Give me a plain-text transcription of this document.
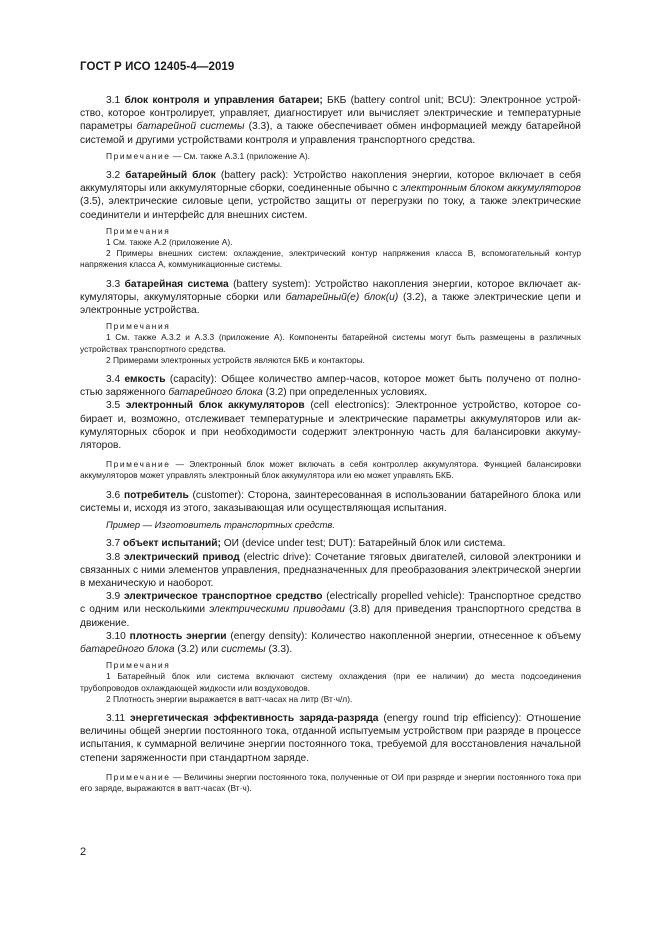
ГОСТ Р ИСО 12405-4—2019

3.1 блок контроля и управления батареи; БКБ (battery control unit; BCU): Электронное устройство, которое контролирует, управляет, диагностирует или вычисляет электрические и температурные параметры батарейной системы (3.3), а также обеспечивает обмен информацией между батарейной системой и другими устройствами контроля и управления транспортного средства.

Примечание — См. также А.3.1 (приложение А).

3.2 батарейный блок (battery pack): Устройство накопления энергии, которое включает в себя аккумуляторы или аккумуляторные сборки, соединенные обычно с электронным блоком аккумуляторов (3.5), электрические силовые цепи, устройство защиты от перегрузки по току, а также электрические соединители и интерфейс для внешних систем.

Примечания

1 См. также А.2 (приложение А).

2 Примеры внешних систем: охлаждение, электрический контур напряжения класса В, вспомогательный контур напряжения класса А, коммуникационные системы.

3.3 батарейная система (battery system): Устройство накопления энергии, которое включает аккумуляторы, аккумуляторные сборки или батарейный(е) блок(и) (3.2), а также электрические цепи и электронные устройства.

Примечания

1 См. также А.3.2 и А.3.3 (приложение А). Компоненты батарейной системы могут быть размещены в различных устройствах транспортного средства.

2 Примерами электронных устройств являются БКБ и контакторы.

3.4 емкость (capacity): Общее количество ампер-часов, которое может быть получено от полностью заряженного батарейного блока (3.2) при определенных условиях.

3.5 электронный блок аккумуляторов (cell electronics): Электронное устройство, которое собирает и, возможно, отслеживает температурные и электрические параметры аккумуляторов или аккумуляторных сборок и при необходимости содержит электронную часть для балансировки аккумуляторов.

Примечание — Электронный блок может включать в себя контроллер аккумулятора. Функцией балансировки аккумуляторов может управлять электронный блок аккумулятора или ею может управлять БКБ.

3.6 потребитель (customer): Сторона, заинтересованная в использовании батарейного блока или системы и, исходя из этого, заказывающая или осуществляющая испытания.

Пример — Изготовитель транспортных средств.

3.7 объект испытаний; ОИ (device under test; DUT): Батарейный блок или система.

3.8 электрический привод (electric drive): Сочетание тяговых двигателей, силовой электроники и связанных с ними элементов управления, предназначенных для преобразования электрической энергии в механическую и наоборот.

3.9 электрическое транспортное средство (electrically propelled vehicle): Транспортное средство с одним или несколькими электрическими приводами (3.8) для приведения транспортного средства в движение.

3.10 плотность энергии (energy density): Количество накопленной энергии, отнесенное к объему батарейного блока (3.2) или системы (3.3).

Примечания

1 Батарейный блок или система включают систему охлаждения (при ее наличии) до места подсоединения трубопроводов охлаждающей жидкости или воздуховодов.

2 Плотность энергии выражается в ватт-часах на литр (Вт·ч/л).

3.11 энергетическая эффективность заряда-разряда (energy round trip efficiency): Отношение величины общей энергии постоянного тока, отданной испытуемым устройством при разряде в процессе испытания, к суммарной величине энергии постоянного тока, требуемой для восстановления начальной степени заряженности при стандартном заряде.

Примечание — Величины энергии постоянного тока, полученные от ОИ при разряде и энергии постоянного тока при его заряде, выражаются в ватт-часах (Вт·ч).

2
